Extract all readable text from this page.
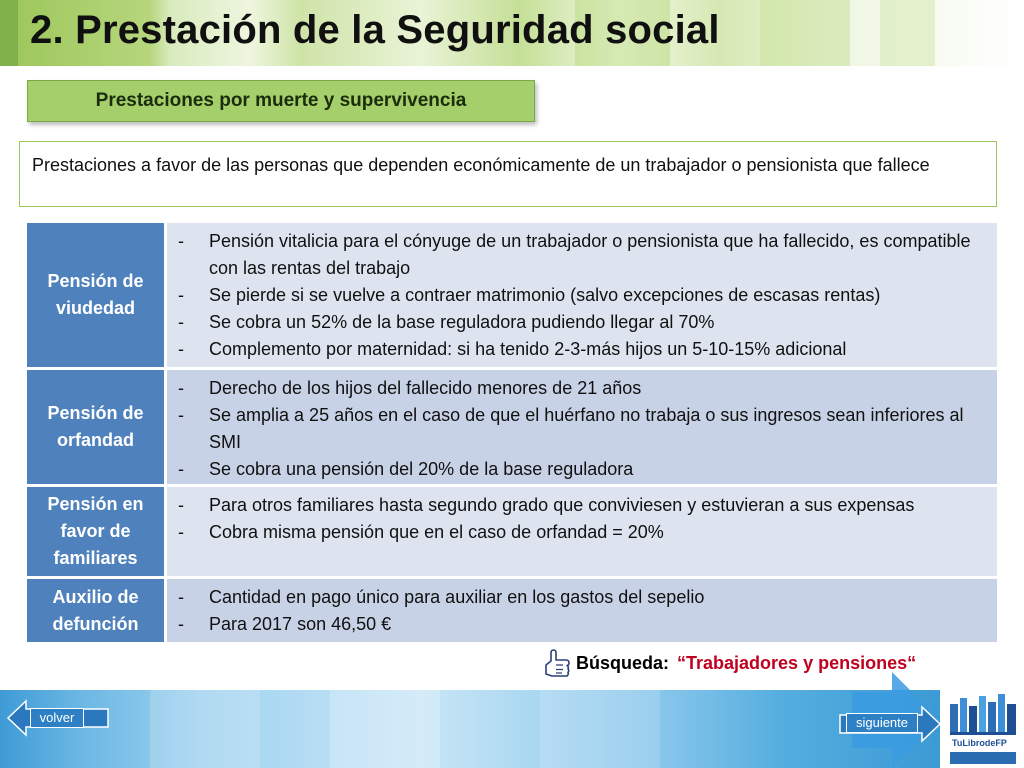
2. Prestación de la Seguridad social
Prestaciones por muerte y supervivencia
Prestaciones a favor de las personas que dependen económicamente de un trabajador o pensionista que fallece
Pensión de viudedad
-	Pensión vitalicia para el cónyuge de un trabajador o pensionista que ha fallecido, es compatible con las rentas del trabajo
-	Se pierde si se vuelve a contraer matrimonio (salvo excepciones de escasas rentas)
-	Se cobra un 52% de la base reguladora pudiendo llegar al 70%
-	Complemento por maternidad: si ha tenido 2-3-más hijos un 5-10-15% adicional
Pensión de orfandad
-	Derecho de los hijos del fallecido menores de 21 años
-	Se amplia a 25 años en el caso de que el huérfano no trabaja o sus ingresos sean inferiores al SMI
-	Se cobra una pensión del 20% de la base reguladora
Pensión en favor de familiares
-	Para otros familiares hasta segundo grado que conviviesen y estuvieran a sus expensas
-	Cobra misma pensión que en el caso de orfandad = 20%
Auxilio de defunción
-	Cantidad en pago único para auxiliar en los gastos del sepelio
-	Para 2017 son 46,50 €
Búsqueda: “Trabajadores y pensiones“
volver	siguiente
TuLibrodeFP
